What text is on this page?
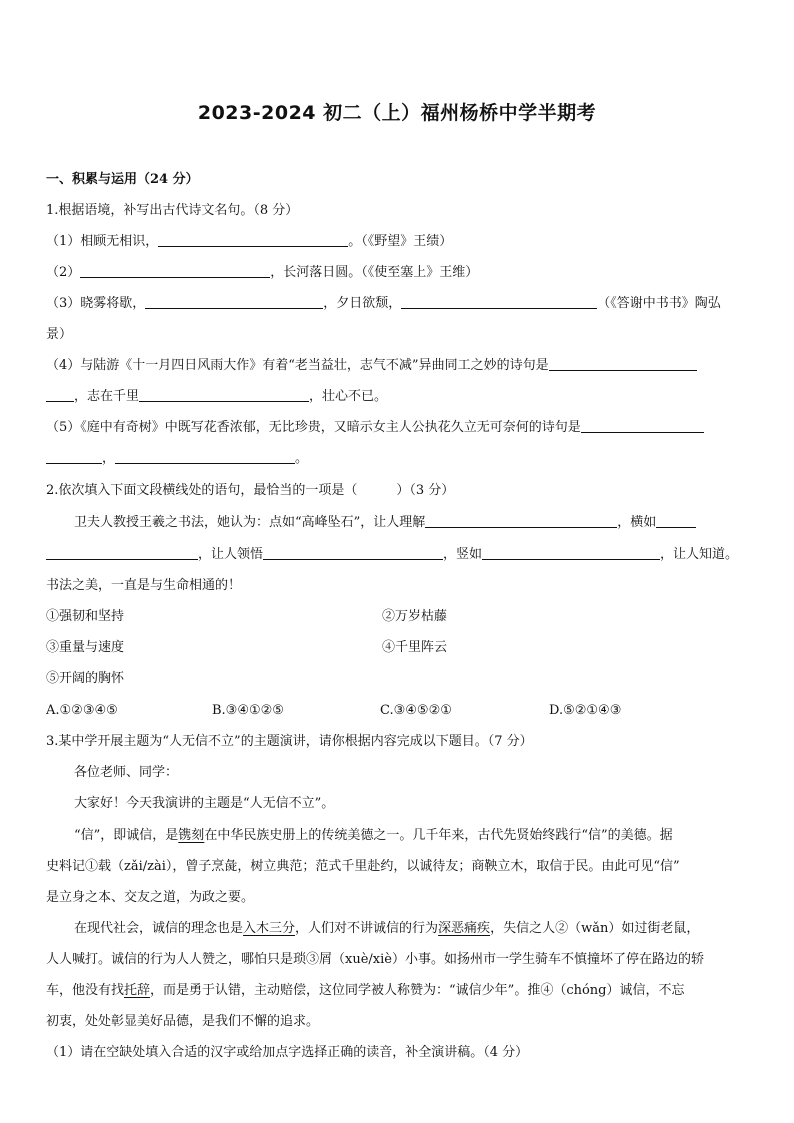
2023-2024 初二（上）福州杨桥中学半期考
一、积累与运用（24 分）
1.根据语境，补写出古代诗文名句。（8 分）
（1）相顾无相识，	。（《野望》王绩）
（2）	，长河落日圆。（《使至塞上》王维）
（3）晓雾将歇，	，夕日欲颓，	（《答谢中书书》陶弘
景）
（4）与陆游《十一月四日风雨大作》有着“老当益壮，志气不减”异曲同工之妙的诗句是
，志在千里	，壮心不已。
（5）《庭中有奇树》中既写花香浓郁，无比珍贵，又暗示女主人公执花久立无可奈何的诗句是
，	。
2.依次填入下面文段横线处的语句，最恰当的一项是（　　　）（3 分）
卫夫人教授王羲之书法，她认为：点如“高峰坠石”，让人理解	，横如
，让人领悟	，竖如	，让人知道。
书法之美，一直是与生命相通的！
①强韧和坚持	②万岁枯藤
③重量与速度	④千里阵云
⑤开阔的胸怀
A.①②③④⑤	B.③④①②⑤	C.③④⑤②①	D.⑤②①④③
3.某中学开展主题为“人无信不立”的主题演讲，请你根据内容完成以下题目。（7 分）
各位老师、同学：
大家好！今天我演讲的主题是“人无信不立”。
“信”，即诚信，是镌刻在中华民族史册上的传统美德之一。几千年来，古代先贤始终践行“信”的美德。据
史料记①载（zǎi/zài），曾子烹彘，树立典范；范式千里赴约，以诚待友；商鞅立木，取信于民。由此可见“信”
是立身之本、交友之道，为政之要。
在现代社会，诚信的理念也是入木三分，人们对不讲诚信的行为深恶痛疾，失信之人②（wǎn）如过街老鼠，
人人喊打。诚信的行为人人赞之，哪怕只是琐③屑（xuè/xiè）小事。如扬州市一学生骑车不慎撞坏了停在路边的轿
车，他没有找托辞，而是勇于认错，主动赔偿，这位同学被人称赞为：“诚信少年”。推④（chóng）诚信，不忘
初衷，处处彰显美好品德，是我们不懈的追求。
（1）请在空缺处填入合适的汉字或给加点字选择正确的读音，补全演讲稿。（4 分）
